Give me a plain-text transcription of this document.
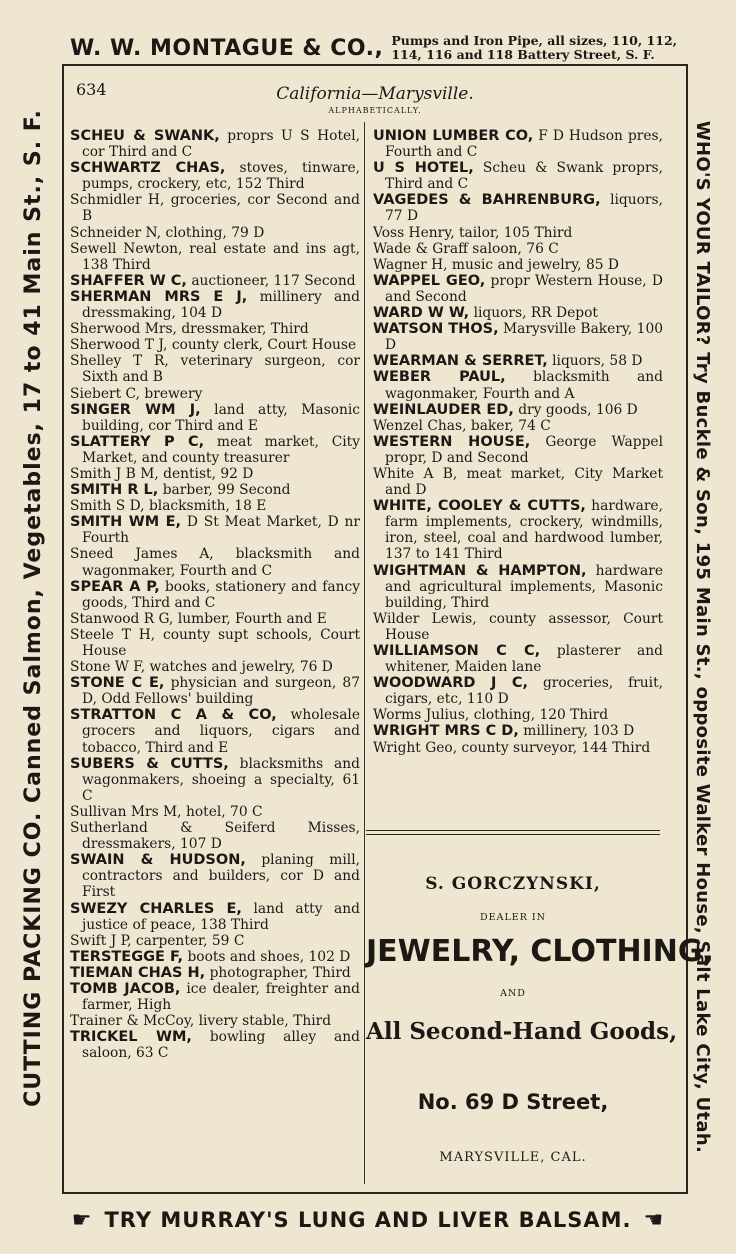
W. W. MONTAGUE & CO., Pumps and Iron Pipe, all sizes, 110, 112,
114, 116 and 118 Battery Street, S. F.
634	California—Marysville.
ALPHABETICALLY.
SCHEU & SWANK, proprs U S Hotel, cor Third and C
SCHWARTZ CHAS, stoves, tinware, pumps, crockery, etc, 152 Third
Schmidler H, groceries, cor Second and B
Schneider N, clothing, 79 D
Sewell Newton, real estate and ins agt, 138 Third
SHAFFER W C, auctioneer, 117 Second
SHERMAN MRS E J, millinery and dressmaking, 104 D
Sherwood Mrs, dressmaker, Third
Sherwood T J, county clerk, Court House
Shelley T R, veterinary surgeon, cor Sixth and B
Siebert C, brewery
SINGER WM J, land atty, Masonic building, cor Third and E
SLATTERY P C, meat market, City Market, and county treasurer
Smith J B M, dentist, 92 D
SMITH R L, barber, 99 Second
Smith S D, blacksmith, 18 E
SMITH WM E, D St Meat Market, D nr Fourth
Sneed James A, blacksmith and wagonmaker, Fourth and C
SPEAR A P, books, stationery and fancy goods, Third and C
Stanwood R G, lumber, Fourth and E
Steele T H, county supt schools, Court House
Stone W F, watches and jewelry, 76 D
STONE C E, physician and surgeon, 87 D, Odd Fellows' building
STRATTON C A & CO, wholesale grocers and liquors, cigars and tobacco, Third and E
SUBERS & CUTTS, blacksmiths and wagonmakers, shoeing a specialty, 61 C
Sullivan Mrs M, hotel, 70 C
Sutherland & Seiferd Misses, dressmakers, 107 D
SWAIN & HUDSON, planing mill, contractors and builders, cor D and First
SWEZY CHARLES E, land atty and justice of peace, 138 Third
Swift J P, carpenter, 59 C
TERSTEGGE F, boots and shoes, 102 D
TIEMAN CHAS H, photographer, Third
TOMB JACOB, ice dealer, freighter and farmer, High
Trainer & McCoy, livery stable, Third
TRICKEL WM, bowling alley and saloon, 63 C
UNION LUMBER CO, F D Hudson pres, Fourth and C
U S HOTEL, Scheu & Swank proprs, Third and C
VAGEDES & BAHRENBURG, liquors, 77 D
Voss Henry, tailor, 105 Third
Wade & Graff saloon, 76 C
Wagner H, music and jewelry, 85 D
WAPPEL GEO, propr Western House, D and Second
WARD W W, liquors, RR Depot
WATSON THOS, Marysville Bakery, 100 D
WEARMAN & SERRET, liquors, 58 D
WEBER PAUL, blacksmith and wagonmaker, Fourth and A
WEINLAUDER ED, dry goods, 106 D
Wenzel Chas, baker, 74 C
WESTERN HOUSE, George Wappel propr, D and Second
White A B, meat market, City Market and D
WHITE, COOLEY & CUTTS, hardware, farm implements, crockery, windmills, iron, steel, coal and hardwood lumber, 137 to 141 Third
WIGHTMAN & HAMPTON, hardware and agricultural implements, Masonic building, Third
Wilder Lewis, county assessor, Court House
WILLIAMSON C C, plasterer and whitener, Maiden lane
WOODWARD J C, groceries, fruit, cigars, etc, 110 D
Worms Julius, clothing, 120 Third
WRIGHT MRS C D, millinery, 103 D
Wright Geo, county surveyor, 144 Third
S. GORCZYNSKI,
DEALER IN
JEWELRY, CLOTHING,
AND
All Second-Hand Goods,
No. 69 D Street,
MARYSVILLE, CAL.
CUTTING PACKING CO. Canned Salmon, Vegetables, 17 to 41 Main St., S. F.	WHO'S YOUR TAILOR? Try Buckle & Son, 195 Main St., opposite Walker House, Salt Lake City, Utah.
☛ TRY MURRAY'S LUNG AND LIVER BALSAM. ☚
